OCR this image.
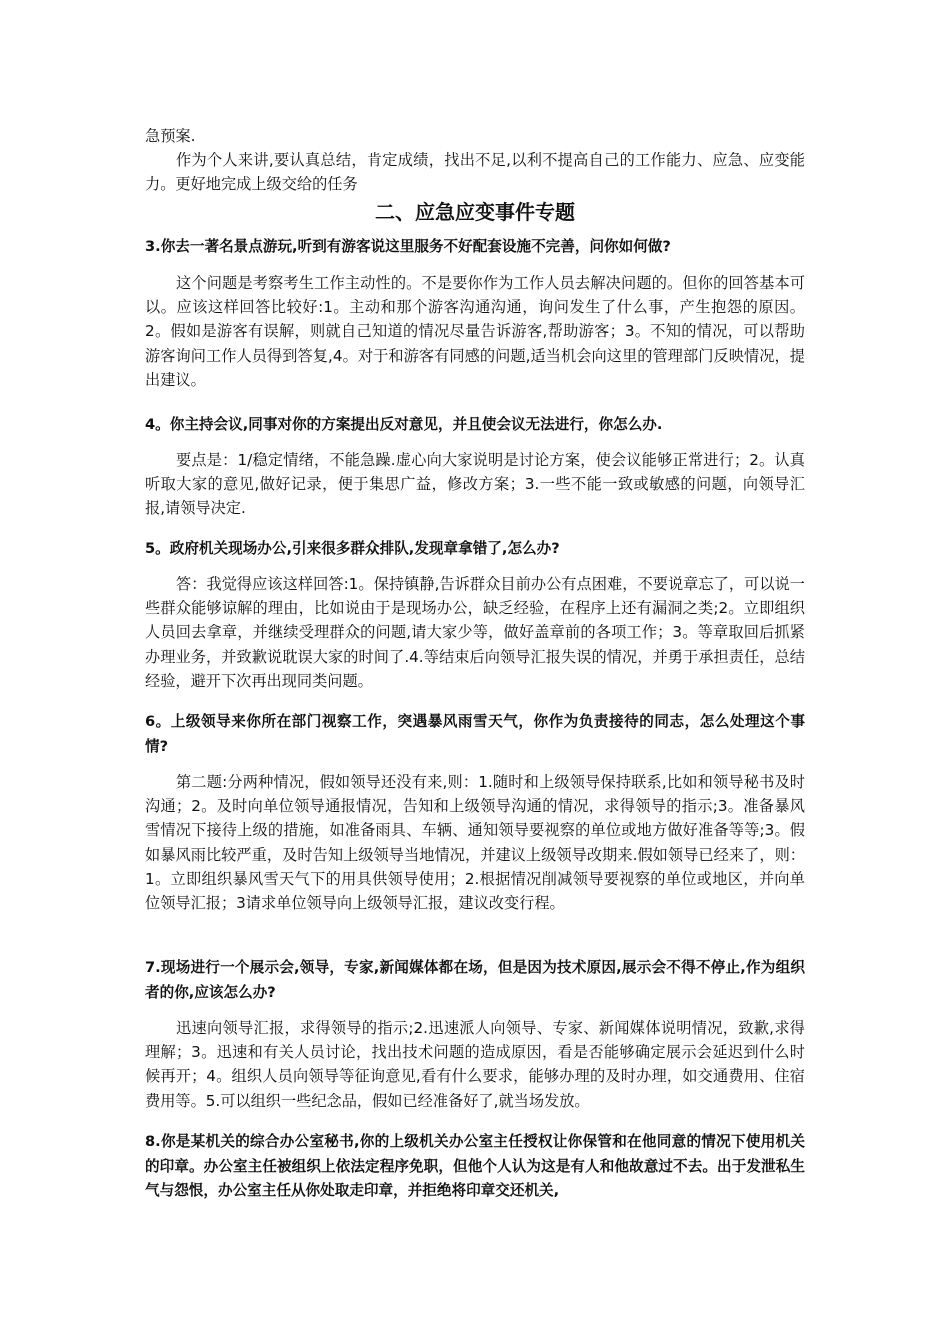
急预案.

作为个人来讲,要认真总结，肯定成绩，找出不足,以利不提高自己的工作能力、应急、应变能力。更好地完成上级交给的任务

二、应急应变事件专题

3.你去一著名景点游玩,听到有游客说这里服务不好配套设施不完善，问你如何做?

这个问题是考察考生工作主动性的。不是要你作为工作人员去解决问题的。但你的回答基本可以。应该这样回答比较好:1。主动和那个游客沟通沟通，询问发生了什么事，产生抱怨的原因。2。假如是游客有误解，则就自己知道的情况尽量告诉游客,帮助游客；3。不知的情况，可以帮助游客询问工作人员得到答复,4。对于和游客有同感的问题,适当机会向这里的管理部门反映情况，提出建议。

4。你主持会议,同事对你的方案提出反对意见，并且使会议无法进行，你怎么办.

要点是：1/稳定情绪，不能急躁.虚心向大家说明是讨论方案，使会议能够正常进行；2。认真听取大家的意见,做好记录，便于集思广益，修改方案；3.一些不能一致或敏感的问题，向领导汇报,请领导决定.

5。政府机关现场办公,引来很多群众排队,发现章拿错了,怎么办?

答：我觉得应该这样回答:1。保持镇静,告诉群众目前办公有点困难，不要说章忘了，可以说一些群众能够谅解的理由，比如说由于是现场办公，缺乏经验，在程序上还有漏洞之类;2。立即组织人员回去拿章，并继续受理群众的问题,请大家少等，做好盖章前的各项工作；3。等章取回后抓紧办理业务，并致歉说耽误大家的时间了.4.等结束后向领导汇报失误的情况，并勇于承担责任，总结经验，避开下次再出现同类问题。

6。上级领导来你所在部门视察工作，突遇暴风雨雪天气，你作为负责接待的同志，怎么处理这个事情?

第二题:分两种情况，假如领导还没有来,则：1.随时和上级领导保持联系,比如和领导秘书及时沟通；2。及时向单位领导通报情况，告知和上级领导沟通的情况，求得领导的指示;3。准备暴风雪情况下接待上级的措施，如准备雨具、车辆、通知领导要视察的单位或地方做好准备等等;3。假如暴风雨比较严重，及时告知上级领导当地情况，并建议上级领导改期来.假如领导已经来了，则：1。立即组织暴风雪天气下的用具供领导使用；2.根据情况削减领导要视察的单位或地区，并向单位领导汇报；3请求单位领导向上级领导汇报，建议改变行程。

7.现场进行一个展示会,领导，专家,新闻媒体都在场，但是因为技术原因,展示会不得不停止,作为组织者的你,应该怎么办?

迅速向领导汇报，求得领导的指示;2.迅速派人向领导、专家、新闻媒体说明情况，致歉,求得理解；3。迅速和有关人员讨论，找出技术问题的造成原因，看是否能够确定展示会延迟到什么时候再开；4。组织人员向领导等征询意见,看有什么要求，能够办理的及时办理，如交通费用、住宿费用等。5.可以组织一些纪念品，假如已经准备好了,就当场发放。

8.你是某机关的综合办公室秘书,你的上级机关办公室主任授权让你保管和在他同意的情况下使用机关的印章。办公室主任被组织上依法定程序免职，但他个人认为这是有人和他故意过不去。出于发泄私生气与怨恨，办公室主任从你处取走印章，并拒绝将印章交还机关,
